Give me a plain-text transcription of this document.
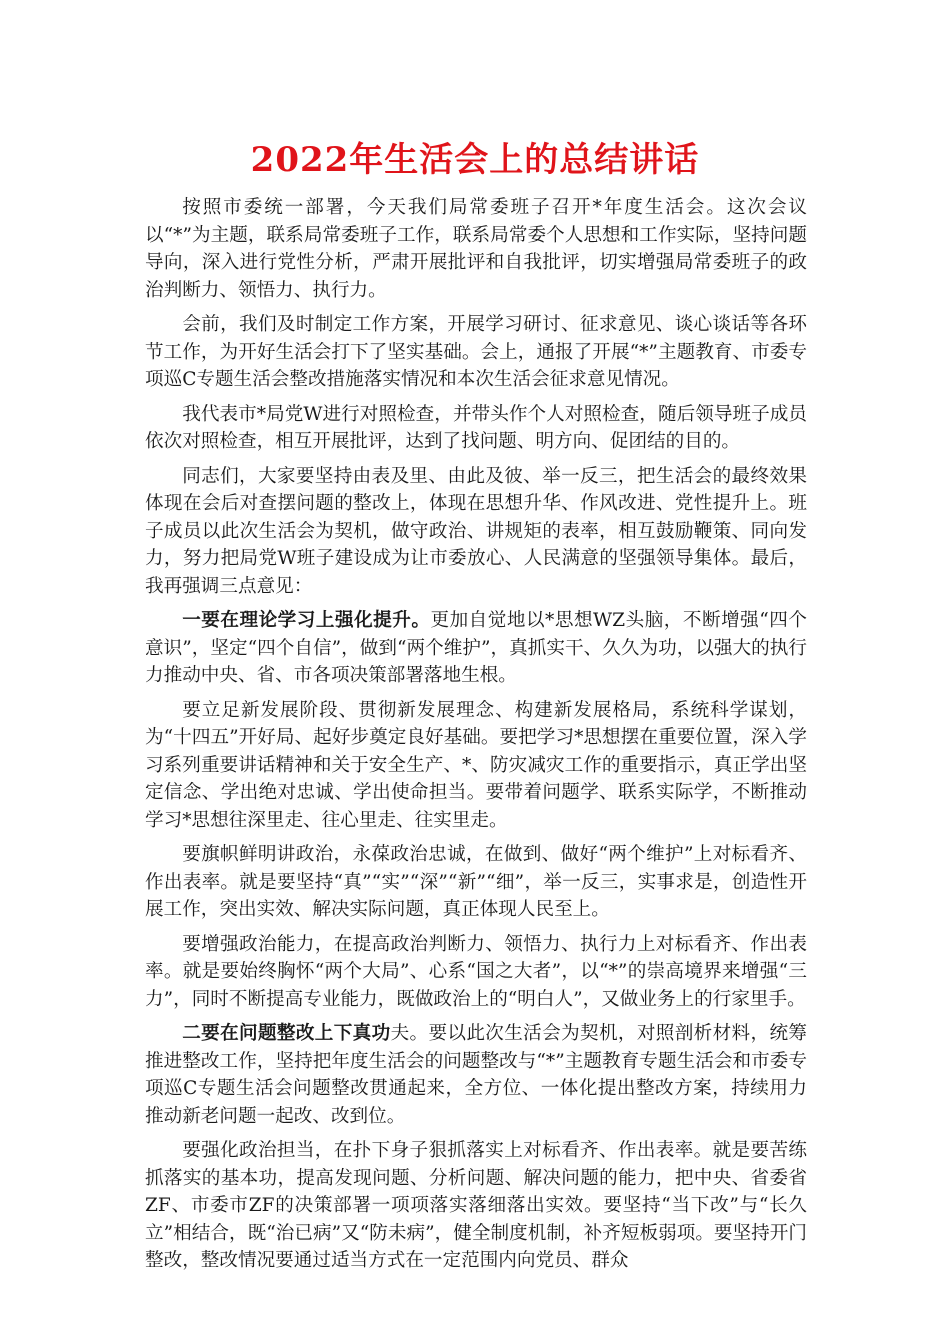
2022年生活会上的总结讲话

按照市委统一部署，今天我们局常委班子召开*年度生活会。这次会议以“*”为主题，联系局常委班子工作，联系局常委个人思想和工作实际，坚持问题导向，深入进行党性分析，严肃开展批评和自我批评，切实增强局常委班子的政治判断力、领悟力、执行力。

会前，我们及时制定工作方案，开展学习研讨、征求意见、谈心谈话等各环节工作，为开好生活会打下了坚实基础。会上，通报了开展“*”主题教育、市委专项巡C专题生活会整改措施落实情况和本次生活会征求意见情况。

我代表市*局党W进行对照检查，并带头作个人对照检查，随后领导班子成员依次对照检查，相互开展批评，达到了找问题、明方向、促团结的目的。

同志们，大家要坚持由表及里、由此及彼、举一反三，把生活会的最终效果体现在会后对查摆问题的整改上，体现在思想升华、作风改进、党性提升上。班子成员以此次生活会为契机，做守政治、讲规矩的表率，相互鼓励鞭策、同向发力，努力把局党W班子建设成为让市委放心、人民满意的坚强领导集体。最后，我再强调三点意见：

一要在理论学习上强化提升。更加自觉地以*思想WZ头脑，不断增强“四个意识”，坚定“四个自信”，做到“两个维护”，真抓实干、久久为功，以强大的执行力推动中央、省、市各项决策部署落地生根。

要立足新发展阶段、贯彻新发展理念、构建新发展格局，系统科学谋划，为“十四五”开好局、起好步奠定良好基础。要把学习*思想摆在重要位置，深入学习系列重要讲话精神和关于安全生产、*、防灾减灾工作的重要指示，真正学出坚定信念、学出绝对忠诚、学出使命担当。要带着问题学、联系实际学，不断推动学习*思想往深里走、往心里走、往实里走。

要旗帜鲜明讲政治，永葆政治忠诚，在做到、做好“两个维护”上对标看齐、作出表率。就是要坚持“真”“实”“深”“新”“细”，举一反三，实事求是，创造性开展工作，突出实效、解决实际问题，真正体现人民至上。

要增强政治能力，在提高政治判断力、领悟力、执行力上对标看齐、作出表率。就是要始终胸怀“两个大局”、心系“国之大者”，以“*”的崇高境界来增强“三力”，同时不断提高专业能力，既做政治上的“明白人”，又做业务上的行家里手。

二要在问题整改上下真功夫。要以此次生活会为契机，对照剖析材料，统筹推进整改工作，坚持把年度生活会的问题整改与“*”主题教育专题生活会和市委专项巡C专题生活会问题整改贯通起来，全方位、一体化提出整改方案，持续用力推动新老问题一起改、改到位。

要强化政治担当，在扑下身子狠抓落实上对标看齐、作出表率。就是要苦练抓落实的基本功，提高发现问题、分析问题、解决问题的能力，把中央、省委省ZF、市委市ZF的决策部署一项项落实落细落出实效。要坚持“当下改”与“长久立”相结合，既“治已病”又“防未病”，健全制度机制，补齐短板弱项。要坚持开门整改，整改情况要通过适当方式在一定范围内向党员、群众
